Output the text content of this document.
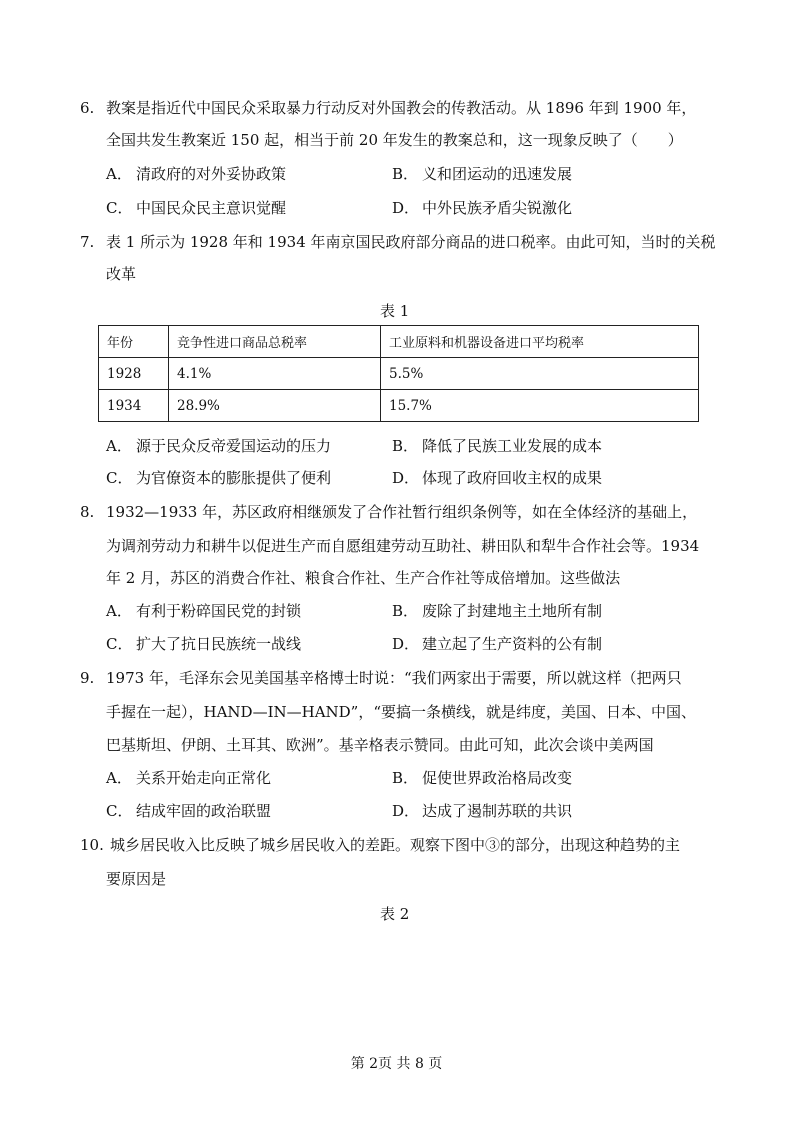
6. 教案是指近代中国民众采取暴力行动反对外国教会的传教活动。从 1896 年到 1900 年，
全国共发生教案近 150 起，相当于前 20 年发生的教案总和，这一现象反映了（　　）
A． 清政府的对外妥协政策	B． 义和团运动的迅速发展
C． 中国民众民主意识觉醒	D． 中外民族矛盾尖锐激化
7. 表 1 所示为 1928 年和 1934 年南京国民政府部分商品的进口税率。由此可知，当时的关税
改革
表 1
年份	竞争性进口商品总税率	工业原料和机器设备进口平均税率
1928	4.1%	5.5%
1934	28.9%	15.7%
A． 源于民众反帝爱国运动的压力	B． 降低了民族工业发展的成本
C． 为官僚资本的膨胀提供了便利	D． 体现了政府回收主权的成果
8. 1932—1933 年，苏区政府相继颁发了合作社暂行组织条例等，如在全体经济的基础上，
为调剂劳动力和耕牛以促进生产而自愿组建劳动互助社、耕田队和犁牛合作社会等。1934
年 2 月，苏区的消费合作社、粮食合作社、生产合作社等成倍增加。这些做法
A． 有利于粉碎国民党的封锁	B． 废除了封建地主土地所有制
C． 扩大了抗日民族统一战线	D． 建立起了生产资料的公有制
9. 1973 年，毛泽东会见美国基辛格博士时说：“我们两家出于需要，所以就这样（把两只
手握在一起），HAND—IN—HAND”，“要搞一条横线，就是纬度，美国、日本、中国、
巴基斯坦、伊朗、土耳其、欧洲”。基辛格表示赞同。由此可知，此次会谈中美两国
A． 关系开始走向正常化	B． 促使世界政治格局改变
C． 结成牢固的政治联盟	D． 达成了遏制苏联的共识
10. 城乡居民收入比反映了城乡居民收入的差距。观察下图中③的部分，出现这种趋势的主
要原因是
表 2
第 2页 共 8 页
